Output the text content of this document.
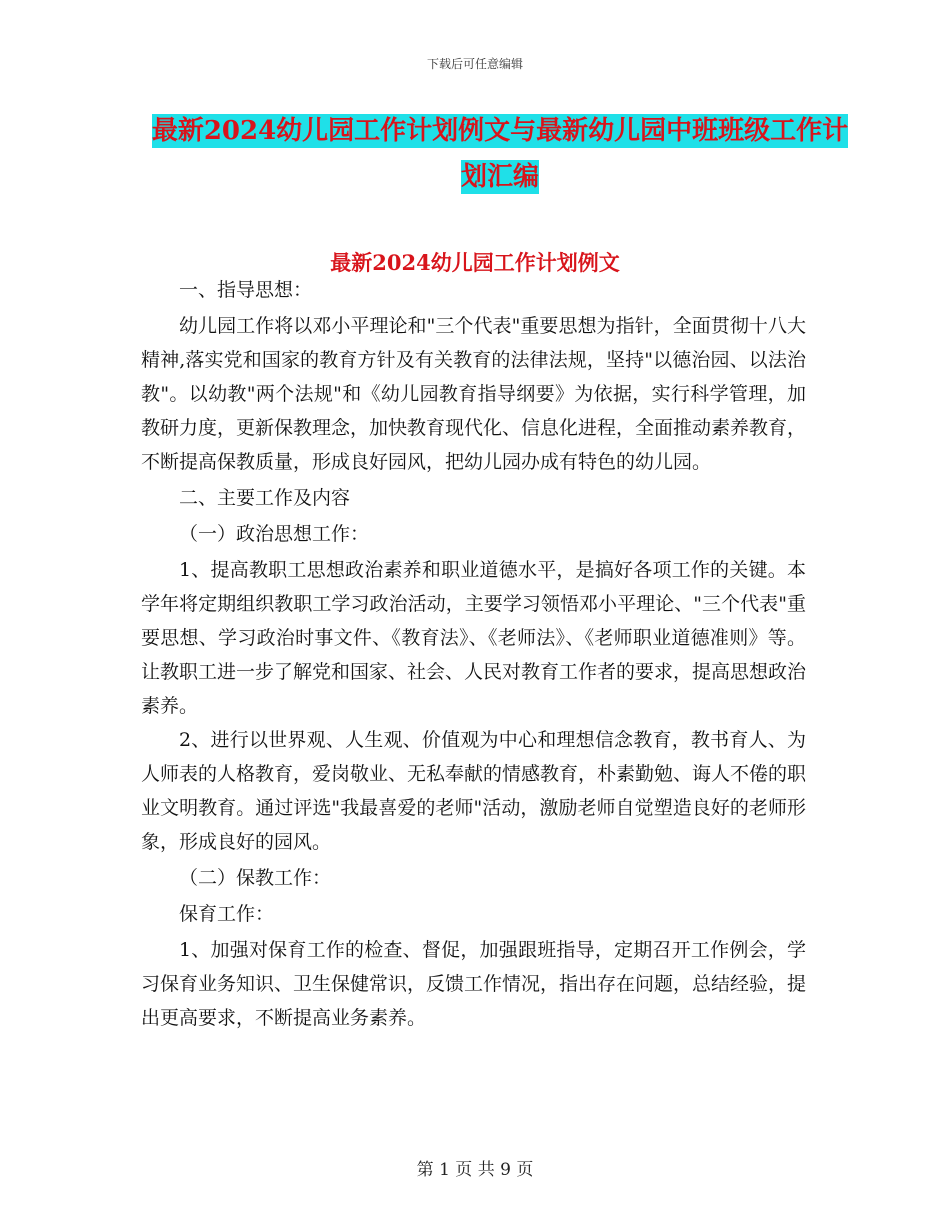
下载后可任意编辑
最新2024幼儿园工作计划例文与最新幼儿园中班班级工作计划汇编
最新2024幼儿园工作计划例文

一、指导思想：

幼儿园工作将以邓小平理论和"三个代表"重要思想为指针，全面贯彻十八大精神,落实党和国家的教育方针及有关教育的法律法规，坚持"以德治园、以法治教"。以幼教"两个法规"和《幼儿园教育指导纲要》为依据，实行科学管理，加教研力度，更新保教理念，加快教育现代化、信息化进程，全面推动素养教育，不断提高保教质量，形成良好园风，把幼儿园办成有特色的幼儿园。

二、主要工作及内容

（一）政治思想工作：

1、提高教职工思想政治素养和职业道德水平，是搞好各项工作的关键。本学年将定期组织教职工学习政治活动，主要学习领悟邓小平理论、"三个代表"重要思想、学习政治时事文件、《教育法》、《老师法》、《老师职业道德准则》等。让教职工进一步了解党和国家、社会、人民对教育工作者的要求，提高思想政治素养。

2、进行以世界观、人生观、价值观为中心和理想信念教育，教书育人、为人师表的人格教育，爱岗敬业、无私奉献的情感教育，朴素勤勉、诲人不倦的职业文明教育。通过评选"我最喜爱的老师"活动，激励老师自觉塑造良好的老师形象，形成良好的园风。

（二）保教工作：

保育工作：

1、加强对保育工作的检查、督促，加强跟班指导，定期召开工作例会，学习保育业务知识、卫生保健常识，反馈工作情况，指出存在问题，总结经验，提出更高要求，不断提高业务素养。

第 1 页 共 9 页
